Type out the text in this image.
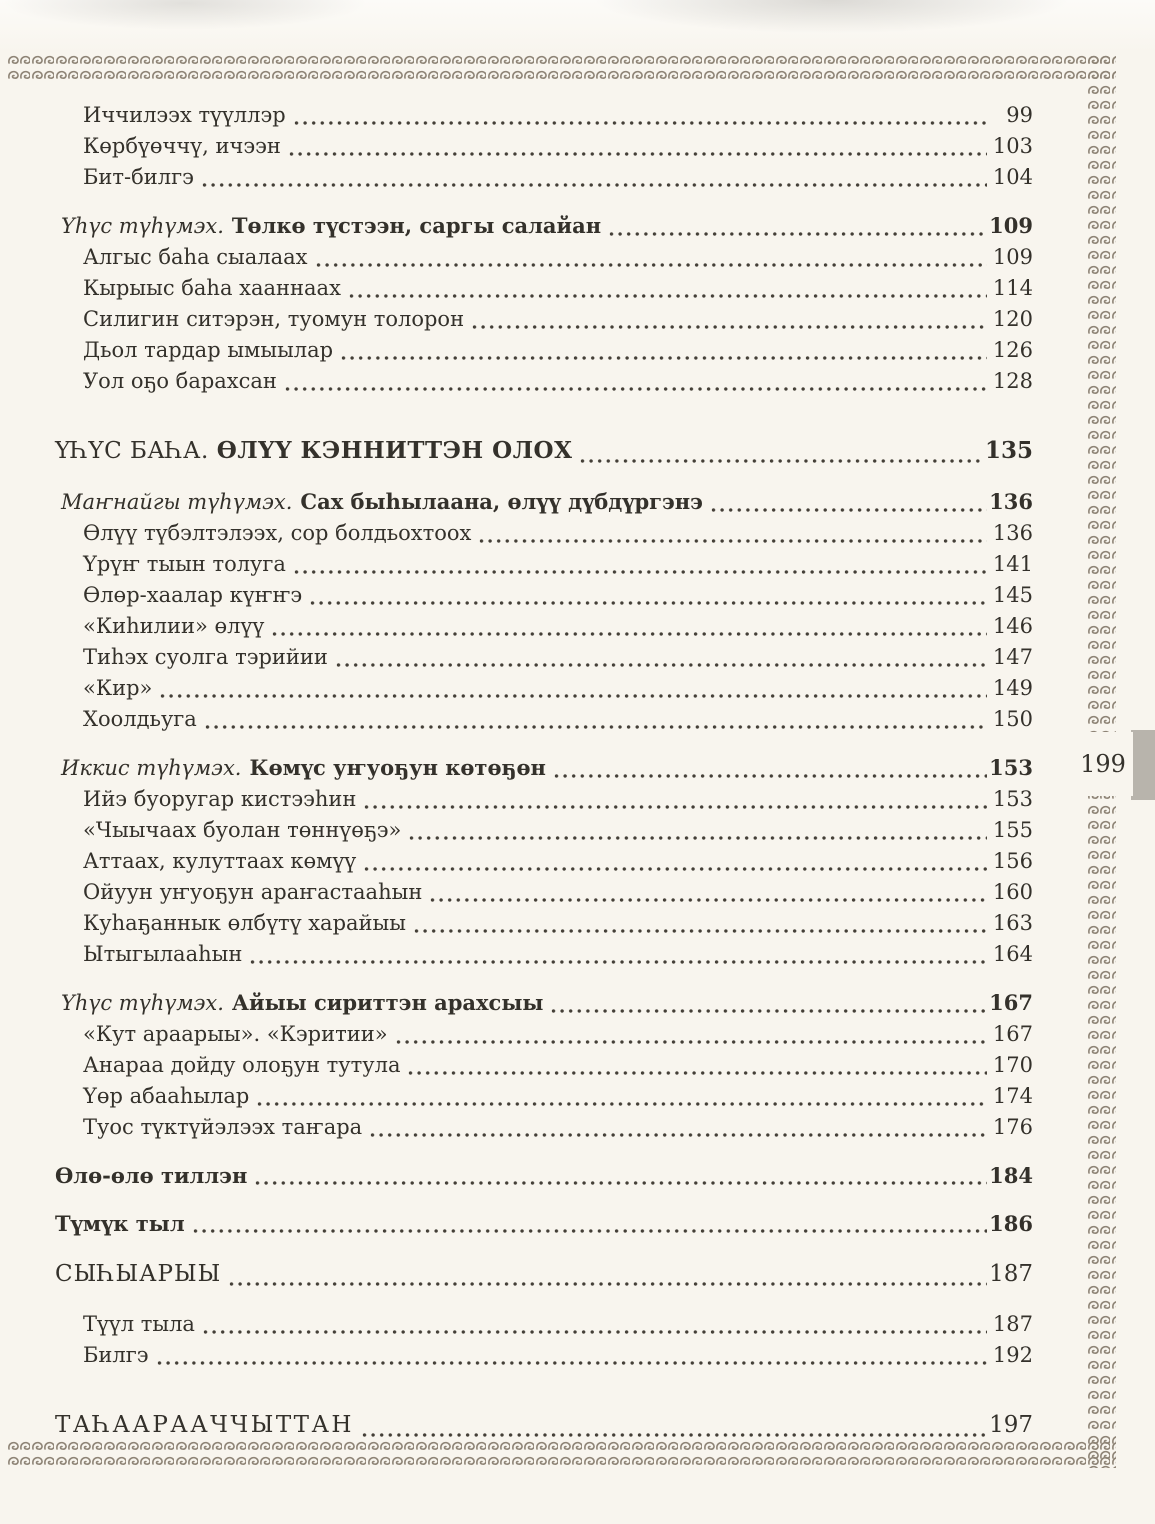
199
Иччилээх түүллэр	99
Көрбүөччү, ичээн	103
Бит-билгэ	104
Үһүс түһүмэх. Төлкө түстээн, саргы салайан	109
Алгыс баһа сыалаах	109
Кырыыс баһа хааннаах	114
Силигин ситэрэн, туомун толорон	120
Дьол тардар ымыылар	126
Уол оҕо барахсан	128
ҮҺҮС БАҺА. ӨЛҮҮ КЭННИТТЭН ОЛОХ	135
Маҥнайгы түһүмэх. Сах быһылаана, өлүү дүбдүргэнэ	136
Өлүү түбэлтэлээх, сор болдьохтоох	136
Үрүҥ тыын толуга	141
Өлөр-хаалар күҥҥэ	145
«Киһилии» өлүү	146
Тиһэх суолга тэрийии	147
«Кир»	149
Хоолдьуга	150
Иккис түһүмэх. Көмүс уҥуоҕун көтөҕөн	153
Ийэ буоругар кистээһин	153
«Чыычаах буолан төннүөҕэ»	155
Аттаах, кулуттаах көмүү	156
Ойуун уҥуоҕун араҥастааһын	160
Куһаҕаннык өлбүтү харайыы	163
Ытыгылааһын	164
Үһүс түһүмэх. Айыы сириттэн арахсыы	167
«Кут араарыы». «Кэритии»	167
Анараа дойду олоҕун тутула	170
Үөр абааһылар	174
Туос түктүйэлээх таҥара	176
Өлө-өлө тиллэн	184
Түмүк тыл	186
СЫҺЫАРЫЫ	187
Түүл тыла	187
Билгэ	192
ТАҺААРААЧЧЫТТАН	197
